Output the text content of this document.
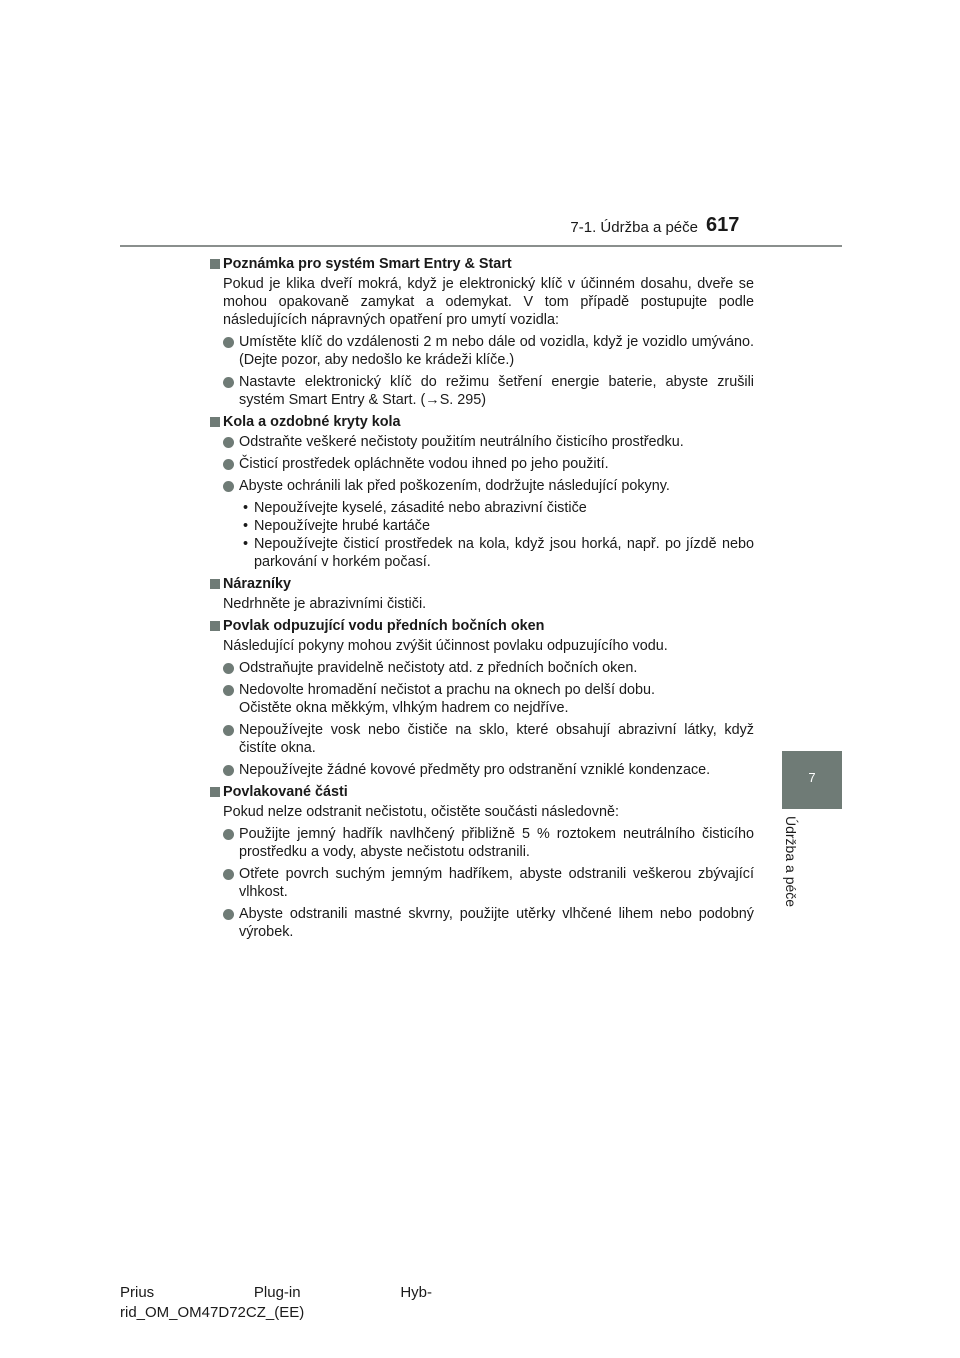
7-1. Údržba a péče 617
7
Údržba a péče
Poznámka pro systém Smart Entry & Start
Pokud je klika dveří mokrá, když je elektronický klíč v účinném dosahu, dveře se mohou opakovaně zamykat a odemykat. V tom případě postupujte podle následujících nápravných opatření pro umytí vozidla:
Umístěte klíč do vzdálenosti 2 m nebo dále od vozidla, když je vozidlo umýváno. (Dejte pozor, aby nedošlo ke krádeži klíče.)
Nastavte elektronický klíč do režimu šetření energie baterie, abyste zrušili systém Smart Entry & Start. (→S. 295)
Kola a ozdobné kryty kola
Odstraňte veškeré nečistoty použitím neutrálního čisticího prostředku.
Čisticí prostředek opláchněte vodou ihned po jeho použití.
Abyste ochránili lak před poškozením, dodržujte následující pokyny.
• Nepoužívejte kyselé, zásadité nebo abrazivní čističe
• Nepoužívejte hrubé kartáče
• Nepoužívejte čisticí prostředek na kola, když jsou horká, např. po jízdě nebo parkování v horkém počasí.
Nárazníky
Nedrhněte je abrazivními čističi.
Povlak odpuzující vodu předních bočních oken
Následující pokyny mohou zvýšit účinnost povlaku odpuzujícího vodu.
Odstraňujte pravidelně nečistoty atd. z předních bočních oken.
Nedovolte hromadění nečistot a prachu na oknech po delší dobu.
Očistěte okna měkkým, vlhkým hadrem co nejdříve.
Nepoužívejte vosk nebo čističe na sklo, které obsahují abrazivní látky, když čistíte okna.
Nepoužívejte žádné kovové předměty pro odstranění vzniklé kondenzace.
Povlakované části
Pokud nelze odstranit nečistotu, očistěte součásti následovně:
Použijte jemný hadřík navlhčený přibližně 5 % roztokem neutrálního čisticího prostředku a vody, abyste nečistotu odstranili.
Otřete povrch suchým jemným hadříkem, abyste odstranili veškerou zbývající vlhkost.
Abyste odstranili mastné skvrny, použijte utěrky vlhčené lihem nebo podobný výrobek.
Prius	Plug-in	Hyb-
rid_OM_OM47D72CZ_(EE)
